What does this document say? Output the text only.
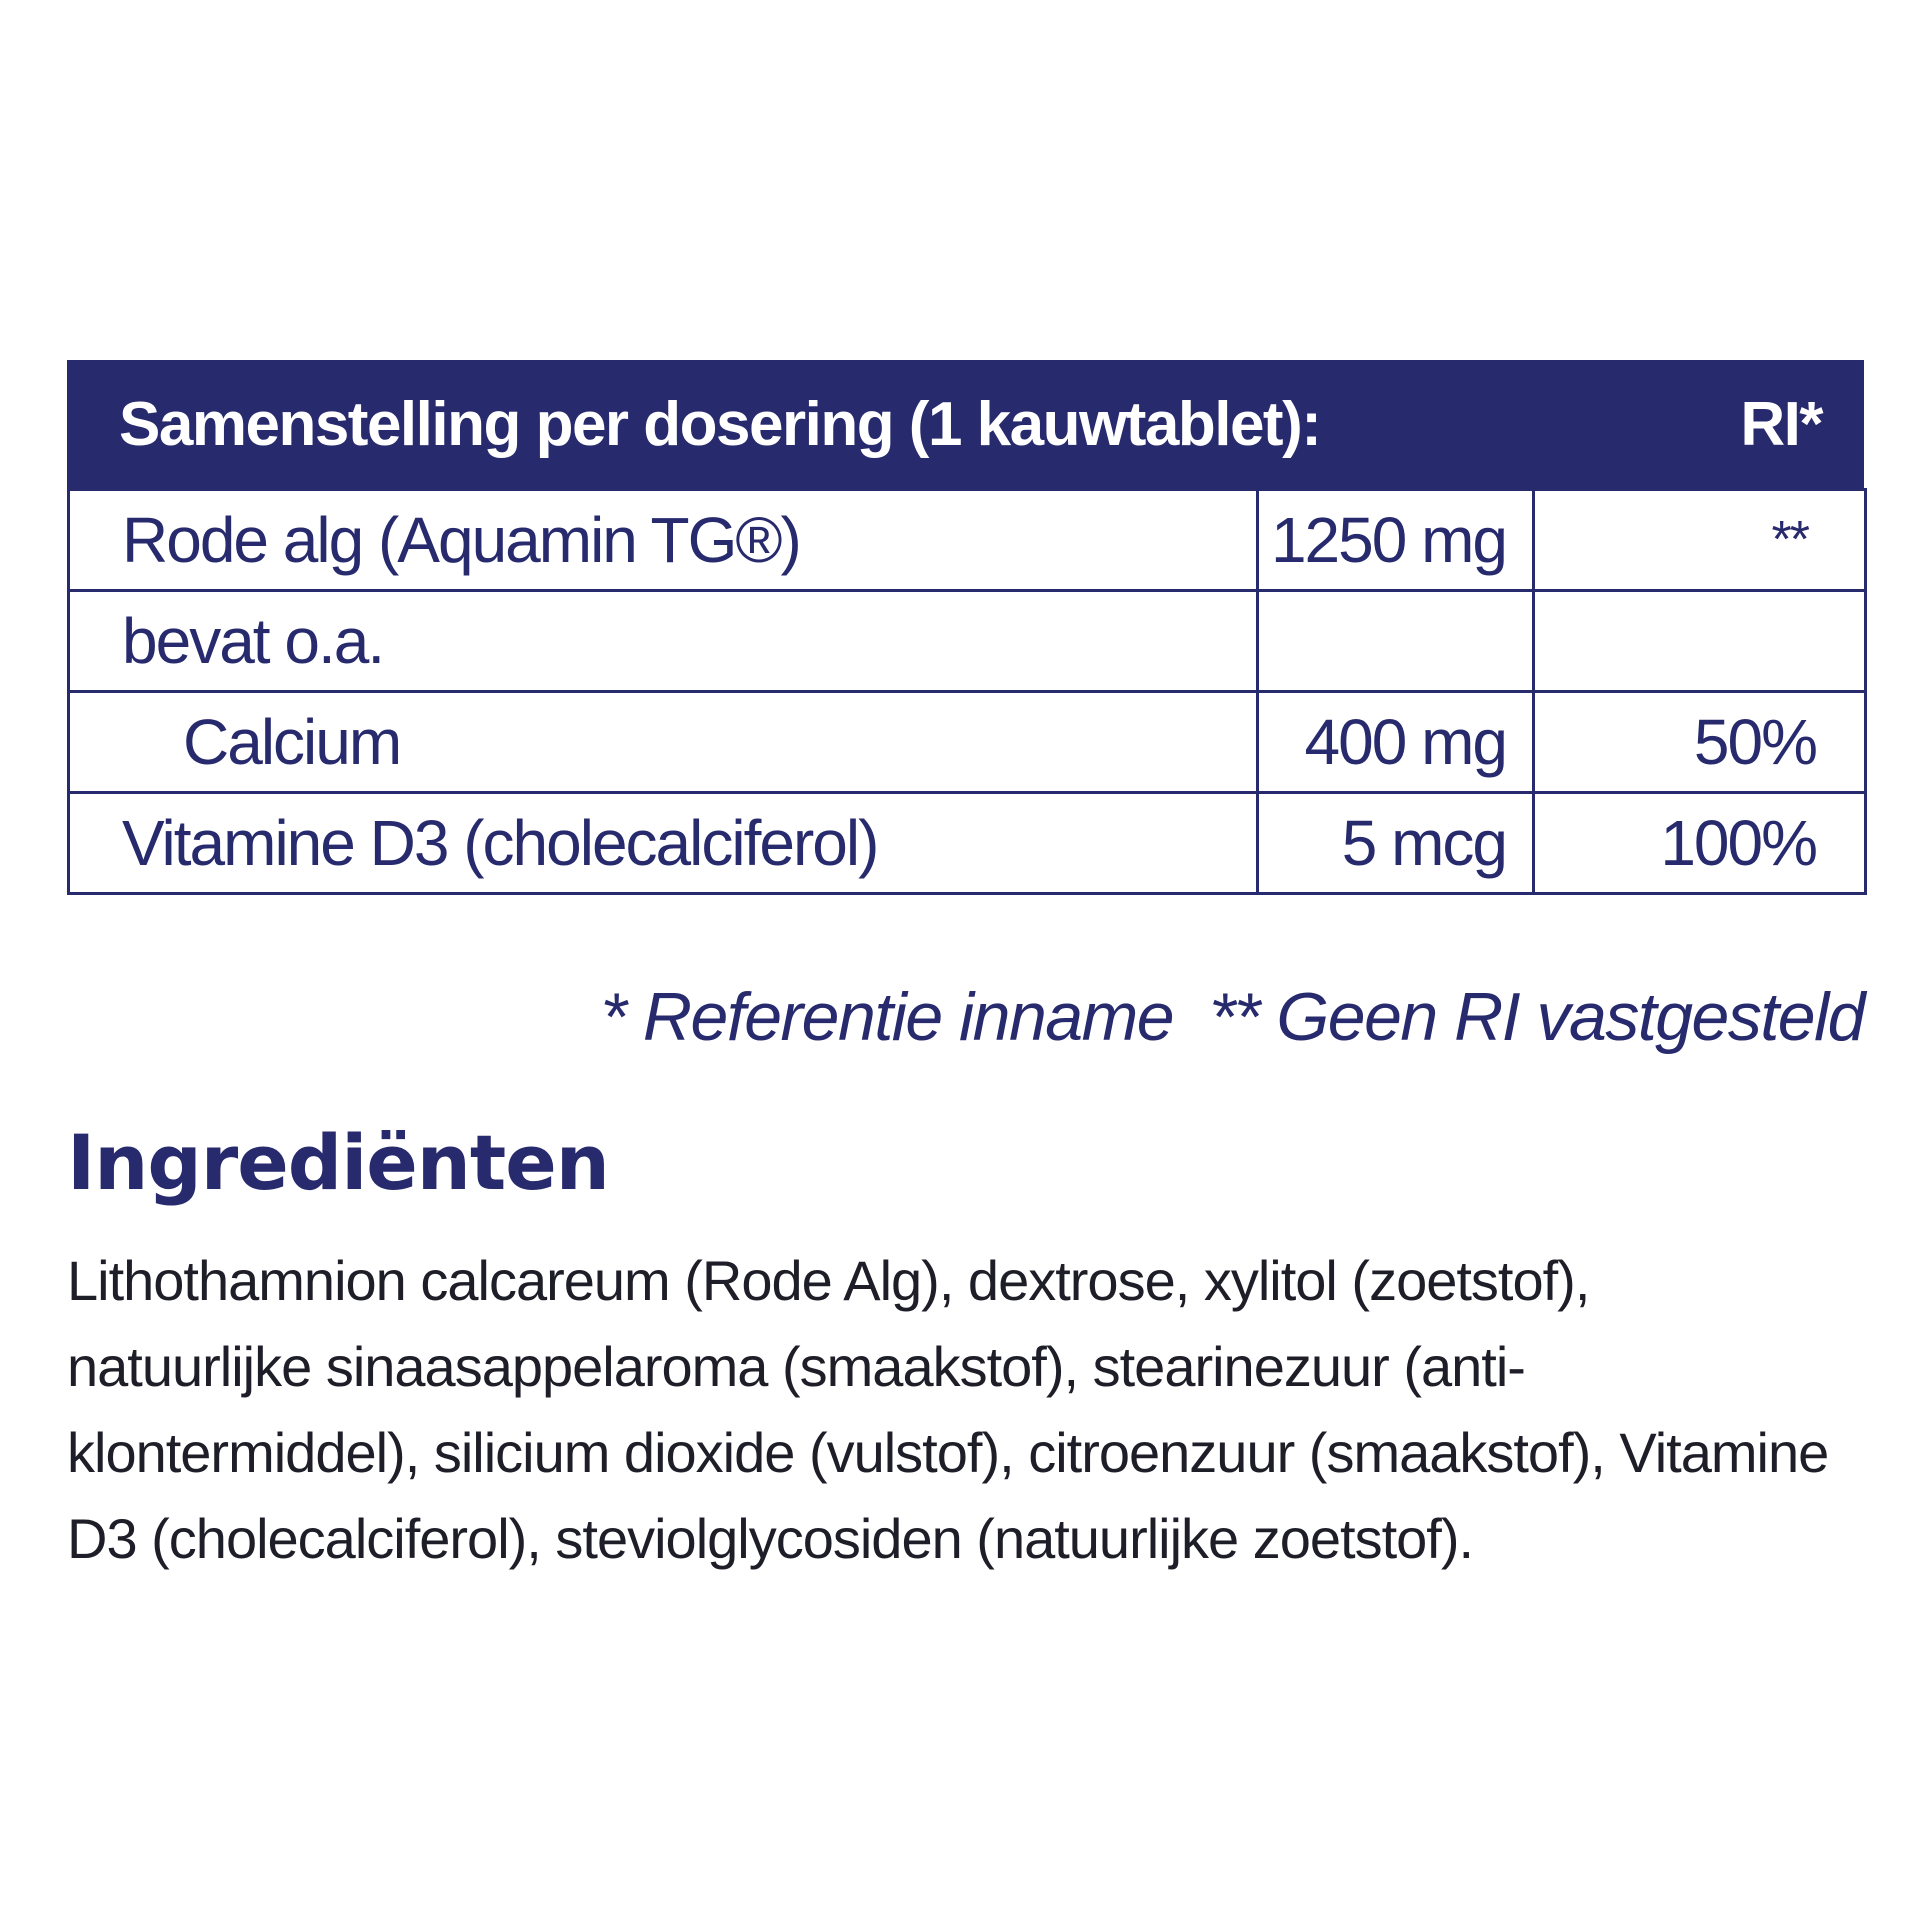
Samenstelling per dosering (1 kauwtablet):	RI*
Rode alg (Aquamin TG®)	1250 mg	**
bevat o.a.		
Calcium	400 mg	50%
Vitamine D3 (cholecalciferol)	5 mcg	100%
* Referentie inname ** Geen RI vastgesteld
Ingrediënten

Lithothamnion calcareum (Rode Alg), dextrose, xylitol (zoetstof), natuurlijke sinaasappelaroma (smaakstof), stearinezuur (anti-klontermiddel), silicium dioxide (vulstof), citroenzuur (smaakstof), Vitamine D3 (cholecalciferol), steviolglycosiden (natuurlijke zoetstof).
